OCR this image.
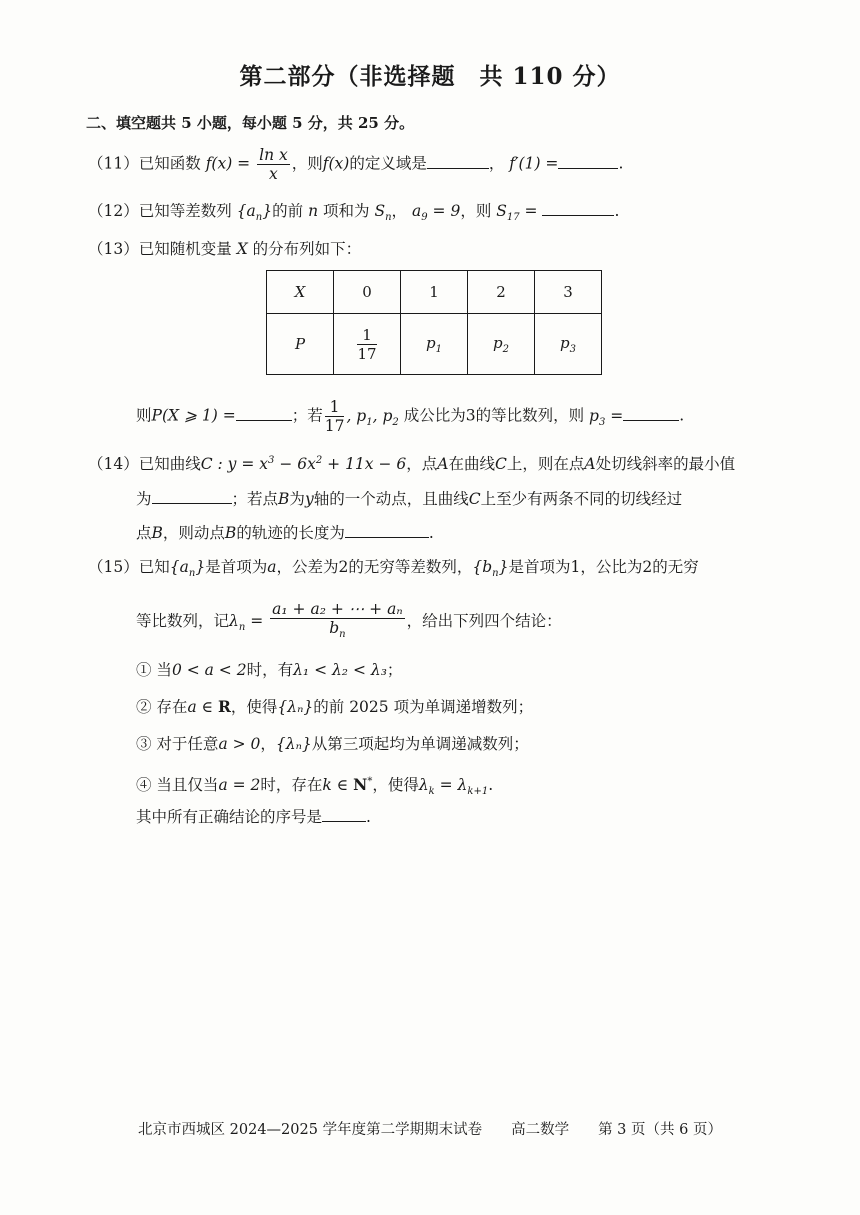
第二部分（非选择题　共 110 分）
二、填空题共 5 小题，每小题 5 分，共 25 分。
（11）已知函数 $f(x) = \frac{\text{ln x}}{x}$ ，则f(x)的定义域是	， f′(1) =	.
（12）已知等差数列 $\{a_n\}$的前 n 项和为 $S_n$， $a_9 = 9$，则 $S_{17}$ =	.
（13）已知随机变量 X 的分布列如下：
X	0	1	2	3
P	$\frac{1}{17}$	$p_1$	$p_2$	$p_3$
则P(X ⩾ 1) =	；若 $\frac{1}{17}$ , $p_1$, $p_2$ 成公比为3的等比数列，则 $p_3$ =	.
（14）已知曲线C : $y = x^3 - 6x^2 + 11x - 6$，点A在曲线C上，则在点A处切线斜率的最小值
为	；若点B为y轴的一个动点，且曲线C上至少有两条不同的切线经过
点B，则动点B的轨迹的长度为	.
（15）已知$\{a_n\}$是首项为a，公差为2的无穷等差数列，$\{b_n\}$是首项为1，公比为2的无穷
等比数列，记$\lambda_n = \frac{\text{a₁ + a₂ + ⋯ + aₙ}}{b_n}$ ，给出下列四个结论：
① 当0 < a < 2时，有λ₁ < λ₂ < λ₃；
② 存在a ∈ R，使得{λₙ}的前 2025 项为单调递增数列；
③ 对于任意a > 0，{λₙ}从第三项起均为单调递减数列；
④ 当且仅当a = 2时，存在k ∈ N*，使得$\lambda_k = \lambda_{k+1}$.
其中所有正确结论的序号是	.
北京市西城区 2024—2025 学年度第二学期期末试卷　　高二数学　　第 3 页（共 6 页）
